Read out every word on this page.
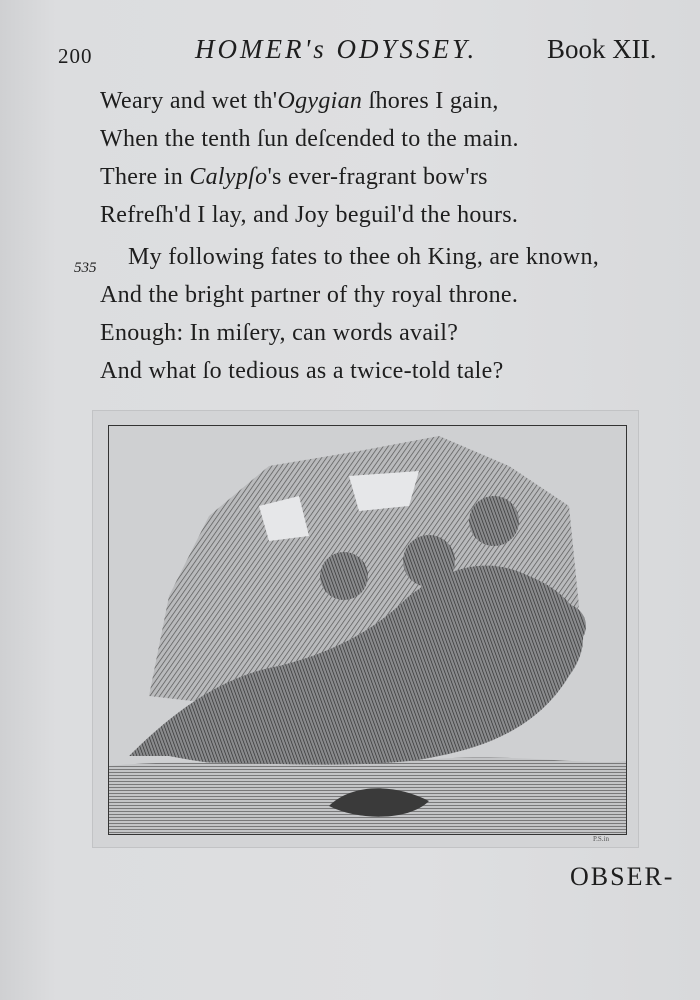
200	HOMER's ODYSSEY.	Book XII.
535
Weary and wet th'Ogygian ſhores I gain,
When the tenth ſun deſcended to the main.
There in Calypſo's ever-fragrant bow'rs
Refreſh'd I lay, and Joy beguil'd the hours.
My following fates to thee oh King, are known,
And the bright partner of thy royal throne.
Enough: In miſery, can words avail?
And what ſo tedious as a twice-told tale?
P.S.in
OBSER-
